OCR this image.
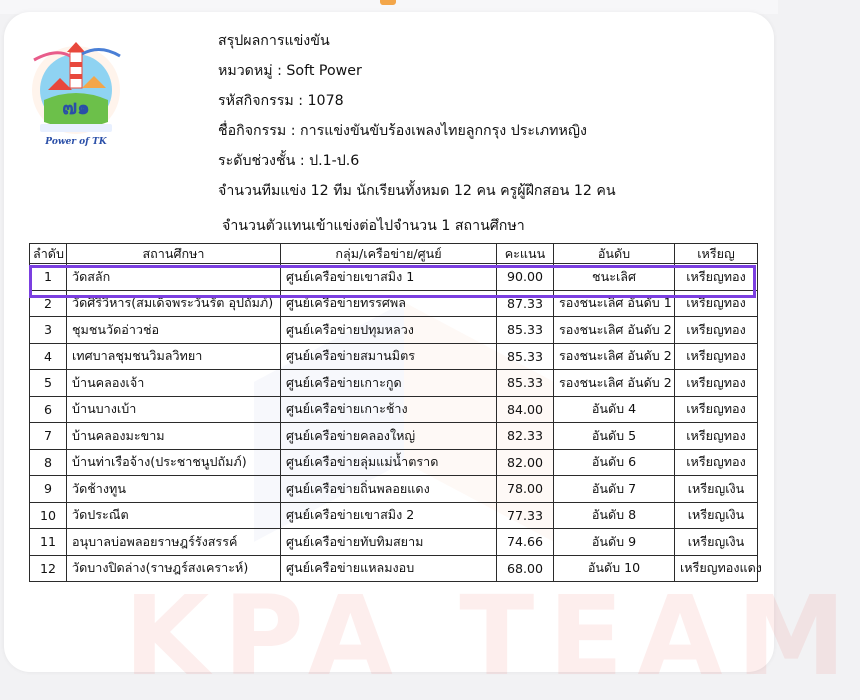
KPA TEAM
๗๑
Power of TK
สรุปผลการแข่งขัน
หมวดหมู่ : Soft Power
รหัสกิจกรรม : 1078
ชื่อกิจกรรม : การแข่งขันขับร้องเพลงไทยลูกกรุง ประเภทหญิง
ระดับช่วงชั้น : ป.1-ป.6
จำนวนทีมแข่ง 12 ทีม นักเรียนทั้งหมด 12 คน ครูผู้ฝึกสอน 12 คน
จำนวนตัวแทนเข้าแข่งต่อไปจำนวน 1 สถานศึกษา
ลำดับ	สถานศึกษา	กลุ่ม/เครือข่าย/ศูนย์	คะแนน	อันดับ	เหรียญ
1	วัดสลัก	ศูนย์เครือข่ายเขาสมิง 1	90.00	ชนะเลิศ	เหรียญทอง
2	วัดศิริวิหาร(สมเด็จพระวันรัต อุปถัมภ์)	ศูนย์เครือข่ายทรรศพล	87.33	รองชนะเลิศ อันดับ 1	เหรียญทอง
3	ชุมชนวัดอ่าวช่อ	ศูนย์เครือข่ายปทุมหลวง	85.33	รองชนะเลิศ อันดับ 2	เหรียญทอง
4	เทศบาลชุมชนวิมลวิทยา	ศูนย์เครือข่ายสมานมิตร	85.33	รองชนะเลิศ อันดับ 2	เหรียญทอง
5	บ้านคลองเจ้า	ศูนย์เครือข่ายเกาะกูด	85.33	รองชนะเลิศ อันดับ 2	เหรียญทอง
6	บ้านบางเบ้า	ศูนย์เครือข่ายเกาะช้าง	84.00	อันดับ 4	เหรียญทอง
7	บ้านคลองมะขาม	ศูนย์เครือข่ายคลองใหญ่	82.33	อันดับ 5	เหรียญทอง
8	บ้านท่าเรือจ้าง(ประชาชนูปถัมภ์)	ศูนย์เครือข่ายลุ่มแม่น้ำตราด	82.00	อันดับ 6	เหรียญทอง
9	วัดช้างทูน	ศูนย์เครือข่ายถิ่นพลอยแดง	78.00	อันดับ 7	เหรียญเงิน
10	วัดประณีต	ศูนย์เครือข่ายเขาสมิง 2	77.33	อันดับ 8	เหรียญเงิน
11	อนุบาลบ่อพลอยราษฎร์รังสรรค์	ศูนย์เครือข่ายทับทิมสยาม	74.66	อันดับ 9	เหรียญเงิน
12	วัดบางปิดล่าง(ราษฎร์สงเคราะห์)	ศูนย์เครือข่ายแหลมงอบ	68.00	อันดับ 10	เหรียญทองแดง
